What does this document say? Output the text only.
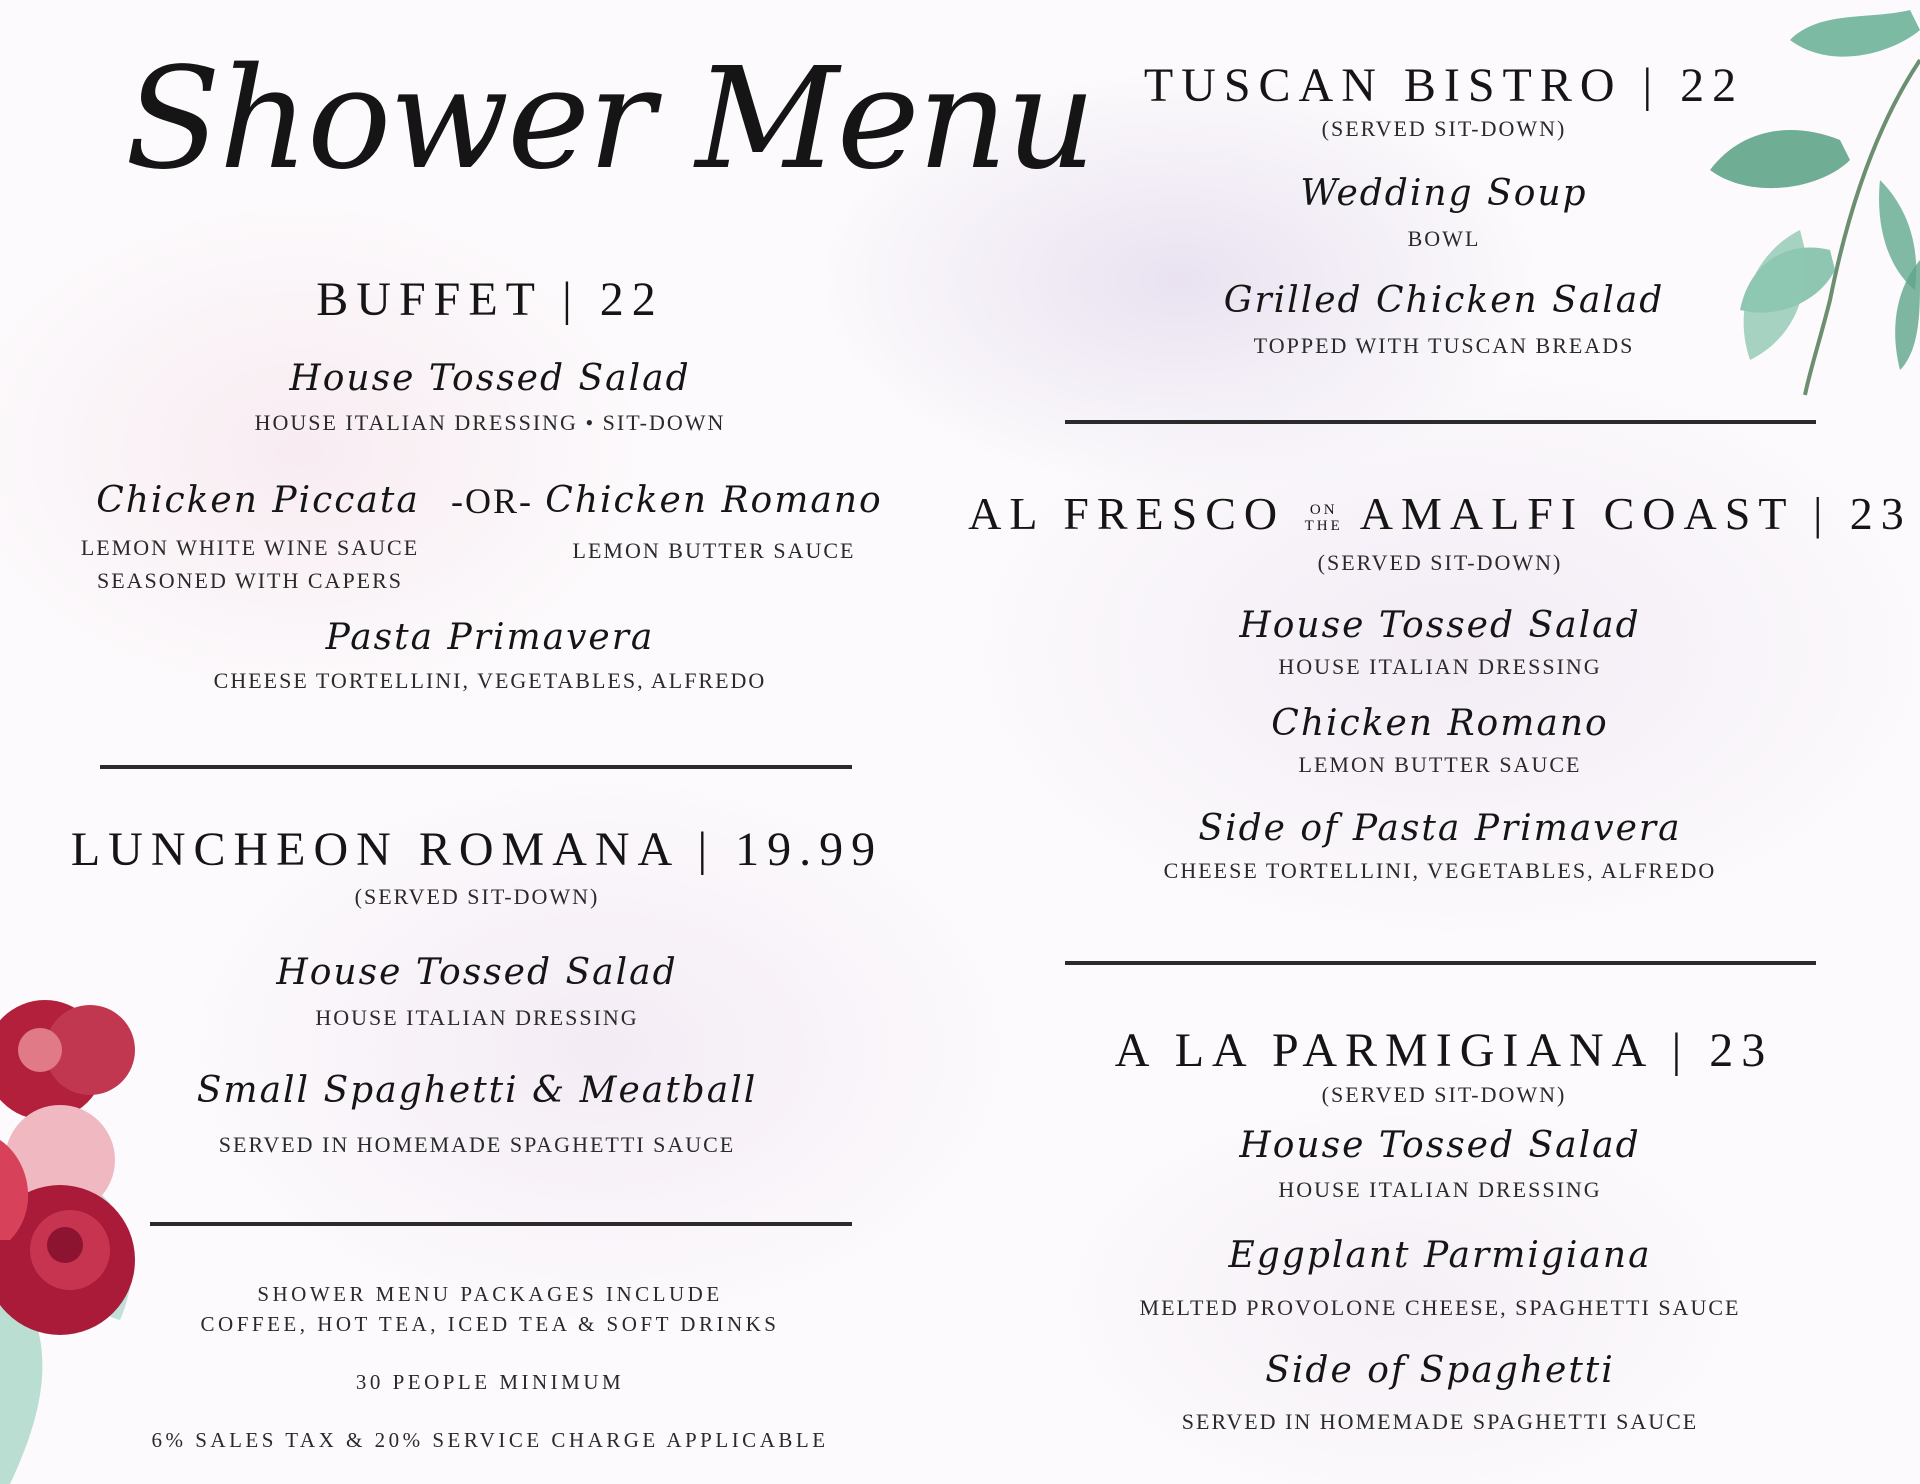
Shower Menu
BUFFET | 22
House Tossed Salad
HOUSE ITALIAN DRESSING • SIT-DOWN
Chicken Piccata
LEMON WHITE WINE SAUCE
SEASONED WITH CAPERS
-OR- Chicken Romano
LEMON BUTTER SAUCE
Pasta Primavera
CHEESE TORTELLINI, VEGETABLES, ALFREDO
LUNCHEON ROMANA | 19.99
(SERVED SIT-DOWN)
House Tossed Salad
HOUSE ITALIAN DRESSING
Small Spaghetti & Meatball
SERVED IN HOMEMADE SPAGHETTI SAUCE
SHOWER MENU PACKAGES INCLUDE
COFFEE, HOT TEA, ICED TEA & SOFT DRINKS
30 PEOPLE MINIMUM
6% SALES TAX & 20% SERVICE CHARGE APPLICABLE
TUSCAN BISTRO | 22
(SERVED SIT-DOWN)
Wedding Soup
BOWL
Grilled Chicken Salad
TOPPED WITH TUSCAN BREADS
AL FRESCO ON
THE AMALFI COAST | 23
(SERVED SIT-DOWN)
House Tossed Salad
HOUSE ITALIAN DRESSING
Chicken Romano
LEMON BUTTER SAUCE
Side of Pasta Primavera
CHEESE TORTELLINI, VEGETABLES, ALFREDO
A LA PARMIGIANA | 23
(SERVED SIT-DOWN)
House Tossed Salad
HOUSE ITALIAN DRESSING
Eggplant Parmigiana
MELTED PROVOLONE CHEESE, SPAGHETTI SAUCE
Side of Spaghetti
SERVED IN HOMEMADE SPAGHETTI SAUCE
